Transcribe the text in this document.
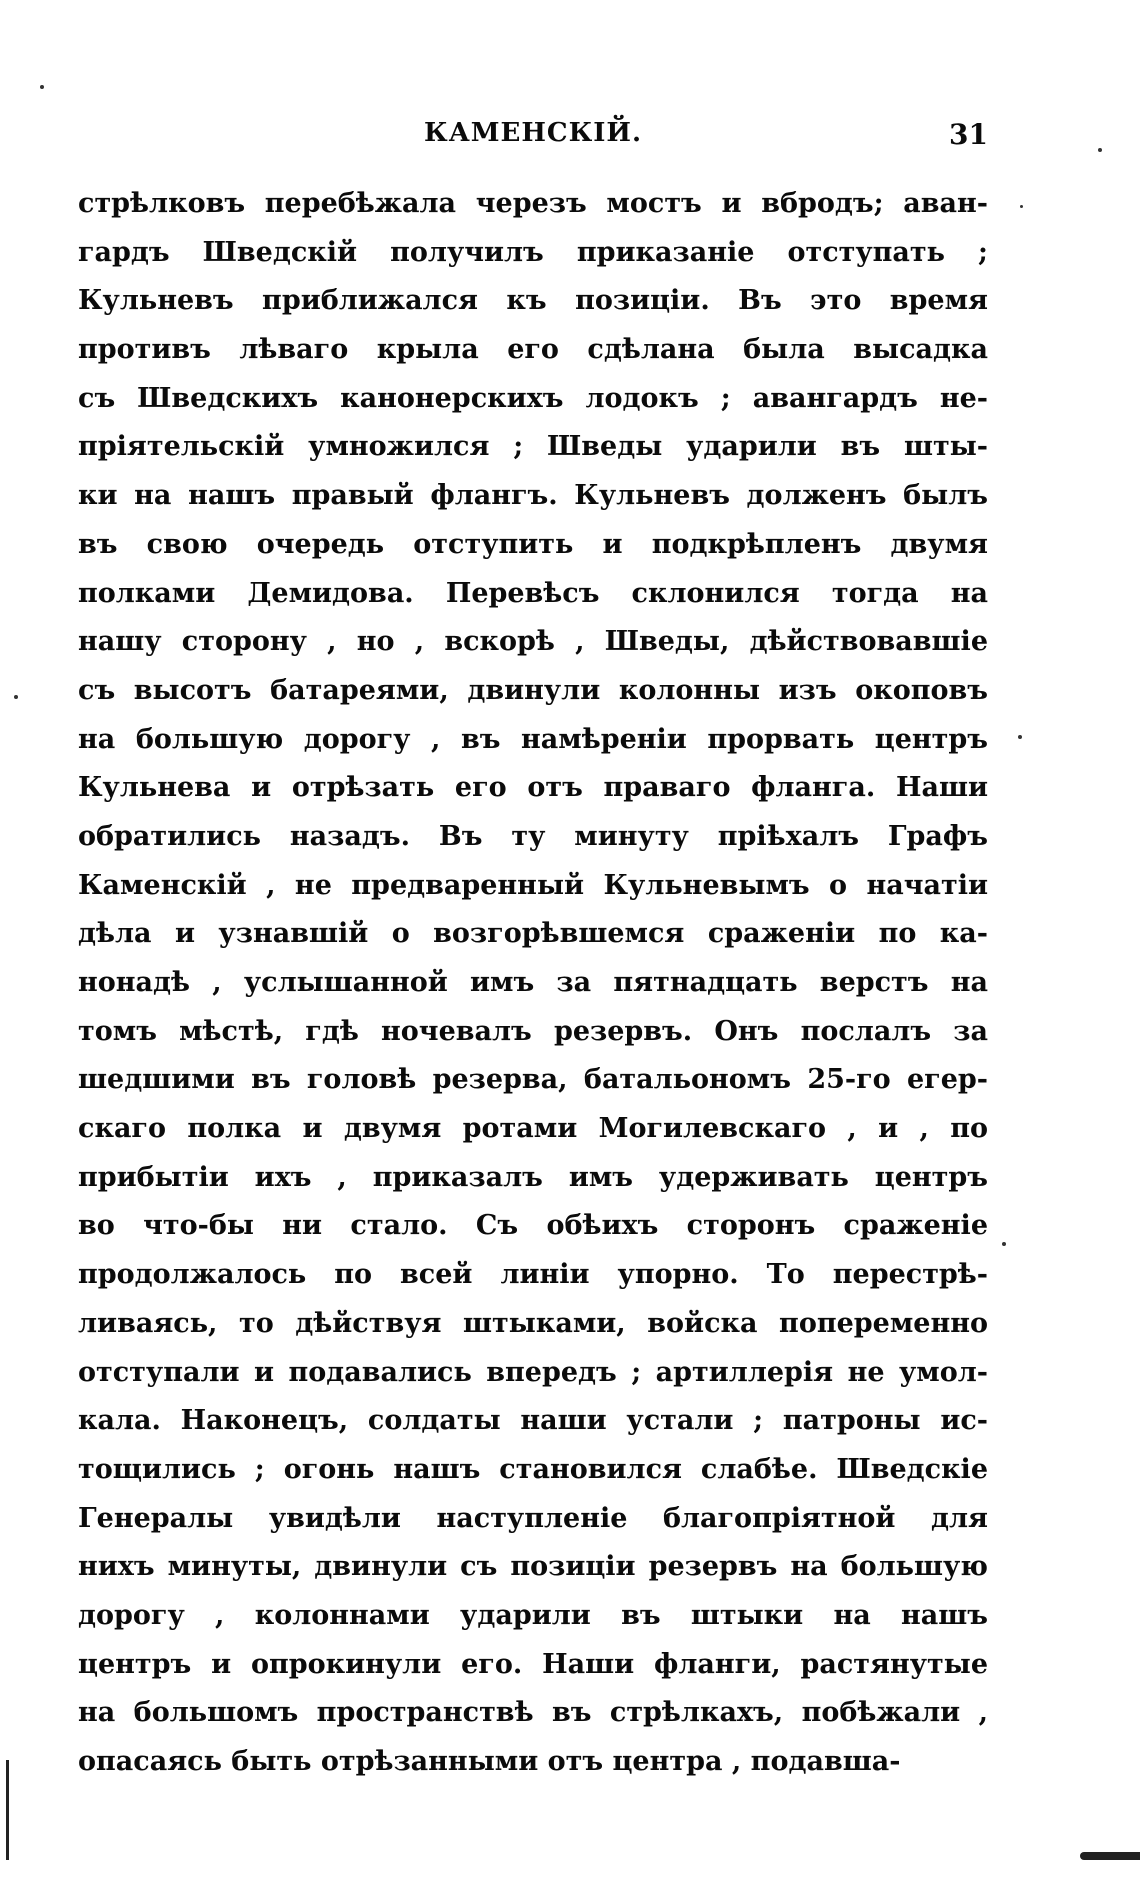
КАМЕНСКІЙ.	31
стрѣлковъ перебѣжала черезъ мостъ и вбродъ; аван-
гардъ Шведскій получилъ приказаніе отступать ;
Кульневъ приближался къ позиціи. Въ это время
противъ лѣваго крыла его сдѣлана была высадка
съ Шведскихъ канонерскихъ лодокъ ; авангардъ не-
пріятельскій умножился ; Шведы ударили въ шты-
ки на нашъ правый флангъ. Кульневъ долженъ былъ
въ свою очередь отступить и подкрѣпленъ двумя
полками Демидова. Перевѣсъ склонился тогда на
нашу сторону , но , вскорѣ , Шведы, дѣйствовавшіе
съ высотъ батареями, двинули колонны изъ окоповъ
на большую дорогу , въ намѣреніи прорвать центръ
Кульнева и отрѣзать его отъ праваго фланга. Наши
обратились назадъ. Въ ту минуту пріѣхалъ Графъ
Каменскій , не предваренный Кульневымъ о начатіи
дѣла и узнавшій о возгорѣвшемся сраженіи по ка-
нонадѣ , услышанной имъ за пятнадцать верстъ на
томъ мѣстѣ, гдѣ ночевалъ резервъ. Онъ послалъ за
шедшими въ головѣ резерва, батальономъ 25-го егер-
скаго полка и двумя ротами Могилевскаго , и , по
прибытіи ихъ , приказалъ имъ удерживать центръ
во что-бы ни стало. Съ обѣихъ сторонъ сраженіе
продолжалось по всей линіи упорно. То перестрѣ-
ливаясь, то дѣйствуя штыками, войска попеременно
отступали и подавались впередъ ; артиллерія не умол-
кала. Наконецъ, солдаты наши устали ; патроны ис-
тощились ; огонь нашъ становился слабѣе. Шведскіе
Генералы увидѣли наступленіе благопріятной для
нихъ минуты, двинули съ позиціи резервъ на большую
дорогу , колоннами ударили въ штыки на нашъ
центръ и опрокинули его. Наши фланги, растянутые
на большомъ пространствѣ въ стрѣлкахъ, побѣжали ,
опасаясь быть отрѣзанными отъ центра , подавша-
